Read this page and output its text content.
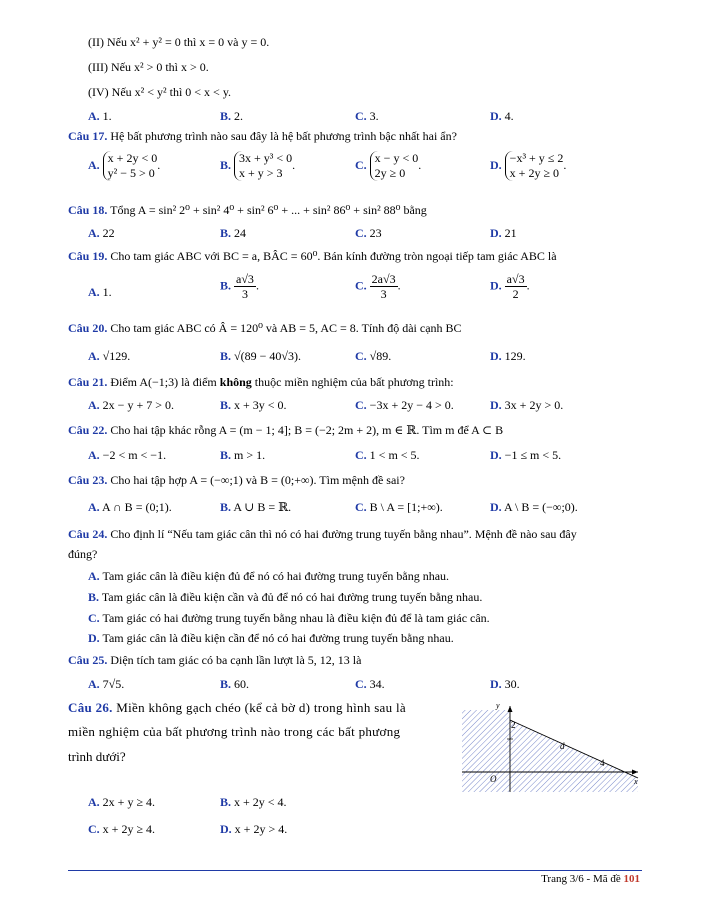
(II) Nếu x² + y² = 0 thì x = 0 và y = 0.
(III) Nếu x² > 0 thì x > 0.
(IV) Nếu x² < y² thì 0 < x < y.
A. 1.	B. 2.	C. 3.	D. 4.
Câu 17. Hệ bất phương trình nào sau đây là hệ bất phương trình bậc nhất hai ẩn?
A. x + 2y < 0
y² − 5 > 0
.	B. 3x + y³ < 0
x + y > 3
.	C. x − y < 0
2y ≥ 0
.	D. −x³ + y ≤ 2
x + 2y ≥ 0
.
Câu 18. Tổng A = sin² 2⁰ + sin² 4⁰ + sin² 6⁰ + ... + sin² 86⁰ + sin² 88⁰ bằng
A. 22	B. 24	C. 23	D. 21
Câu 19. Cho tam giác ABC với BC = a, BÂC = 60⁰. Bán kính đường tròn ngoại tiếp tam giác ABC là
A. 1.	B. $\frac{a√3}{3}$ .	C. $\frac{2a√3}{3}$ .	D. $\frac{a√3}{2}$ .
Câu 20. Cho tam giác ABC có Â = 120⁰ và AB = 5, AC = 8. Tính độ dài cạnh BC
A. √129.	B. √(89 − 40√3).	C. √89.	D. 129.
Câu 21. Điểm A(−1;3) là điểm không thuộc miền nghiệm của bất phương trình:
A. 2x − y + 7 > 0.	B. x + 3y < 0.	C. −3x + 2y − 4 > 0.	D. 3x + 2y > 0.
Câu 22. Cho hai tập khác rỗng A = (m − 1; 4]; B = (−2; 2m + 2), m ∈ ℝ. Tìm m để A ⊂ B
A. −2 < m < −1.	B. m > 1.	C. 1 < m < 5.	D. −1 ≤ m < 5.
Câu 23. Cho hai tập hợp A = (−∞;1) và B = (0;+∞). Tìm mệnh đề sai?
A. A ∩ B = (0;1).	B. A ∪ B = ℝ.	C. B \ A = [1;+∞).	D. A \ B = (−∞;0).
Câu 24. Cho định lí “Nếu tam giác cân thì nó có hai đường trung tuyến bằng nhau”. Mệnh đề nào sau đây
đúng?
A. Tam giác cân là điều kiện đủ để nó có hai đường trung tuyến bằng nhau.
B. Tam giác cân là điều kiện cần và đủ để nó có hai đường trung tuyến bằng nhau.
C. Tam giác có hai đường trung tuyến bằng nhau là điều kiện đủ để là tam giác cân.
D. Tam giác cân là điều kiện cần để nó có hai đường trung tuyến bằng nhau.
Câu 25. Diện tích tam giác có ba cạnh lần lượt là 5, 12, 13 là
A. 7√5.	B. 60.	C. 34.	D. 30.
Câu 26. Miền không gạch chéo (kể cả bờ d) trong hình sau là
miền nghiệm của bất phương trình nào trong các bất phương
trình dưới?
y
x
O
2
4
d
A. 2x + y ≥ 4.	B. x + 2y < 4.
C. x + 2y ≥ 4.	D. x + 2y > 4.
Trang 3/6 - Mã đề 101
